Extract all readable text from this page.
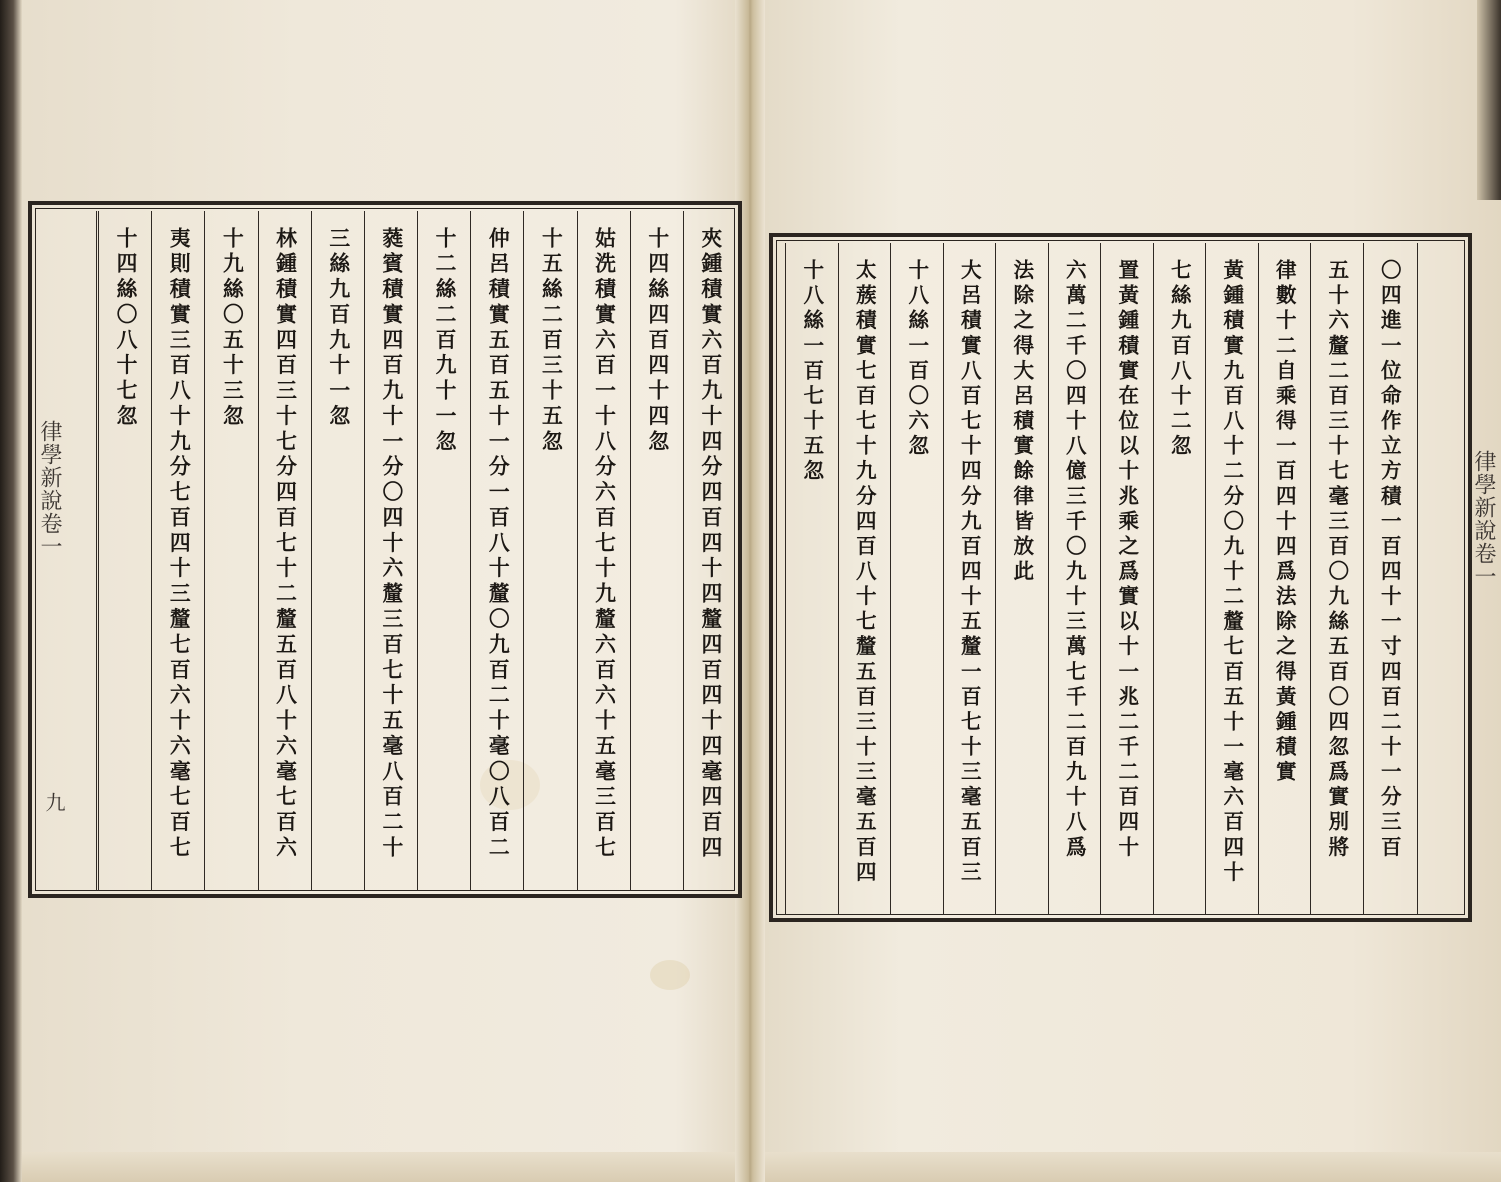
夾鍾積實六百九十四分四百四十四釐四百四十四毫四百四
十四絲四百四十四忽
姑洗積實六百一十八分六百七十九釐六百六十五毫三百七
十五絲二百三十五忽
仲呂積實五百五十一分一百八十釐〇九百二十毫〇八百二
十二絲二百九十一忽
蕤賓積實四百九十一分〇四十六釐三百七十五毫八百二十
三絲九百九十一忽
林鍾積實四百三十七分四百七十二釐五百八十六毫七百六
十九絲〇五十三忽
夷則積實三百八十九分七百四十三釐七百六十六毫七百七
十四絲〇八十七忽
律學新說卷一
九	〇四進一位命作立方積一百四十一寸四百二十一分三百
五十六釐二百三十七毫三百〇九絲五百〇四忽爲實別將
律數十二自乘得一百四十四爲法除之得黃鍾積實
黃鍾積實九百八十二分〇九十二釐七百五十一毫六百四十
七絲九百八十二忽
置黃鍾積實在位以十兆乘之爲實以十一兆二千二百四十
六萬二千〇四十八億三千〇九十三萬七千二百九十八爲
法除之得大呂積實餘律皆放此
大呂積實八百七十四分九百四十五釐一百七十三毫五百三
十八絲一百〇六忽
太蔟積實七百七十九分四百八十七釐五百三十三毫五百四
十八絲一百七十五忽
律學新說卷一
